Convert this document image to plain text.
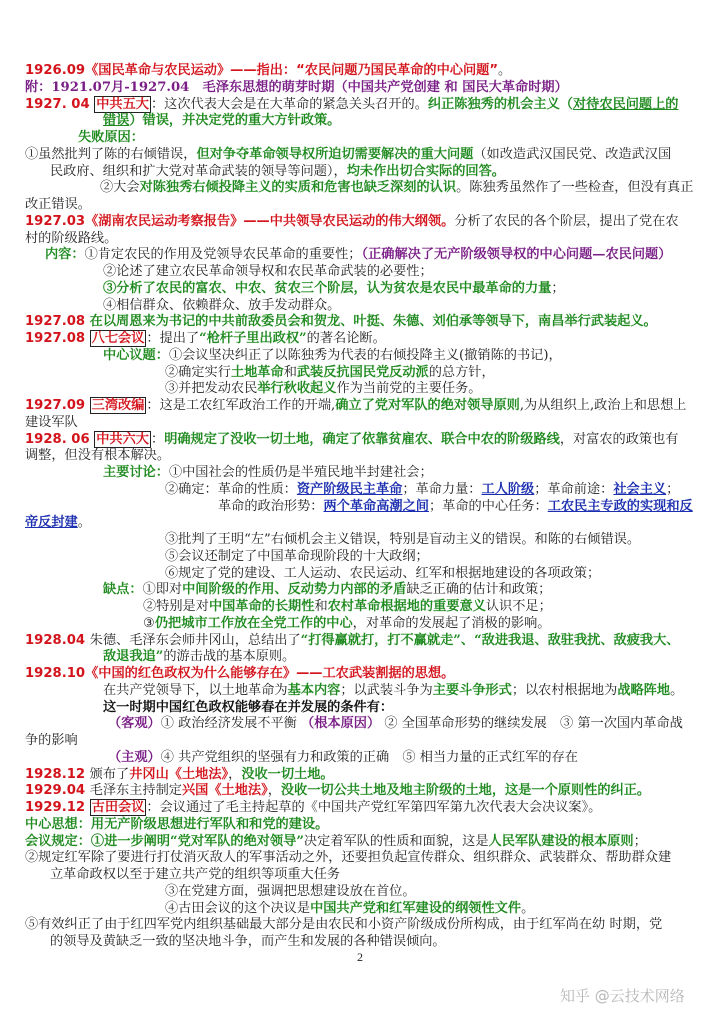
1926.09《国民革命与农民运动》——指出：“农民问题乃国民革命的中心问题”。
附：1921.07月-1927.04　毛泽东思想的萌芽时期（中国共产党创建 和 国民大革命时期）
1927. 04 中共五大 ：这次代表大会是在大革命的紧急关头召开的。纠正陈独秀的机会主义（对待农民问题上的
错误）错误，并决定党的重大方针政策。
失败原因：
①虽然批判了陈的右倾错误，但对争夺革命领导权所迫切需要解决的重大问题（如改造武汉国民党、改造武汉国
民政府、组织和扩大党对革命武装的领导等问题），均未作出切合实际的回答。
②大会对陈独秀右倾投降主义的实质和危害也缺乏深刻的认识。陈独秀虽然作了一些检查，但没有真正
改正错误。
1927.03《湖南农民运动考察报告》——中共领导农民运动的伟大纲领。分析了农民的各个阶层，提出了党在农
村的阶级路线。
内容：①肯定农民的作用及党领导农民革命的重要性；（正确解决了无产阶级领导权的中心问题—农民问题）
②论述了建立农民革命领导权和农民革命武装的必要性；
③分析了农民的富农、中农、贫农三个阶层，认为贫农是农民中最革命的力量；
④相信群众、依赖群众、放手发动群众。
1927.08 在以周恩来为书记的中共前敌委员会和贺龙、叶挺、朱德、刘伯承等领导下，南昌举行武装起义。
1927.08 八七会议 ：提出了“枪杆子里出政权”的著名论断。
中心议题：①会议坚决纠正了以陈独秀为代表的右倾投降主义(撤销陈的书记)，
②确定实行土地革命和武装反抗国民党反动派的总方针，
③并把发动农民举行秋收起义作为当前党的主要任务。
1927.09 三湾改编 ：这是工农红军政治工作的开端,确立了党对军队的绝对领导原则,为从组织上,政治上和思想上
建设军队
1928. 06 中共六大 ：明确规定了没收一切土地，确定了依靠贫雇农、联合中农的阶级路线，对富农的政策也有
调整，但没有根本解决。
主要讨论：①中国社会的性质仍是半殖民地半封建社会；
②确定：革命的性质：资产阶级民主革命；革命力量：工人阶级；革命前途：社会主义；
革命的政治形势：两个革命高潮之间；革命的中心任务：工农民主专政的实现和反
帝反封建。
③批判了王明“左”右倾机会主义错误，特别是盲动主义的错误。和陈的右倾错误。
⑤会议还制定了中国革命现阶段的十大政纲；
⑥规定了党的建设、工人运动、农民运动、红军和根据地建设的各项政策；
缺点：①即对中间阶级的作用、反动势力内部的矛盾缺乏正确的估计和政策；
②特别是对中国革命的长期性和农村革命根据地的重要意义认识不足；
③仍把城市工作放在全党工作的中心，对革命的发展起了消极的影响。
1928.04 朱德、毛泽东会师井冈山，总结出了“打得赢就打，打不赢就走”、“敌进我退、敌驻我扰、敌疲我大、
敌退我追”的游击战的基本原则。
1928.10《中国的红色政权为什么能够存在》——工农武装割据的思想。
在共产党领导下，以土地革命为基本内容；以武装斗争为主要斗争形式；以农村根据地为战略阵地。
这一时期中国红色政权能够春在并发展的条件有：
（客观）① 政治经济发展不平衡 （根本原因） ② 全国革命形势的继续发展　③ 第一次国内革命战
争的影响
（主观）④ 共产党组织的坚强有力和政策的正确　⑤ 相当力量的正式红军的存在
1928.12 颁布了井冈山《土地法》，没收一切土地。
1929.04 毛泽东主持制定兴国《土地法》，没收一切公共土地及地主阶级的土地，这是一个原则性的纠正。
1929.12 古田会议 ：会议通过了毛主持起草的《中国共产党红军第四军第九次代表大会决议案》。
中心思想：用无产阶级思想进行军队和和党的建设。
会议规定：①进一步阐明“党对军队的绝对领导”决定着军队的性质和面貌，这是人民军队建设的根本原则；
②规定红军除了要进行打仗消灭敌人的军事活动之外，还要担负起宣传群众、组织群众、武装群众、帮助群众建
立革命政权以至于建立共产党的组织等项重大任务
③在党建方面，强调把思想建设放在首位。
④古田会议的这个决议是中国共产党和红军建设的纲领性文件。
⑤有效纠正了由于红四军党内组织基础最大部分是由农民和小资产阶级成份所构成，由于红军尚在幼 时期，党
的领导及黄缺乏一致的坚决地斗争，而产生和发展的各种错误倾向。
2
知乎 @云技术网络
